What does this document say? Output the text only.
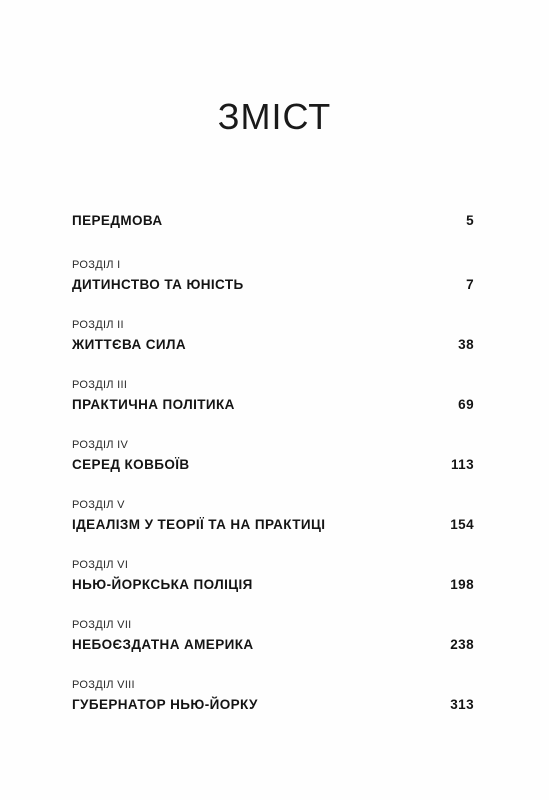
ЗМІСТ
ПЕРЕДМОВА	5
РОЗДІЛ I
ДИТИНСТВО ТА ЮНІСТЬ	7
РОЗДІЛ II
ЖИТТЄВА СИЛА	38
РОЗДІЛ III
ПРАКТИЧНА ПОЛІТИКА	69
РОЗДІЛ IV
СЕРЕД КОВБОЇВ	113
РОЗДІЛ V
ІДЕАЛІЗМ У ТЕОРІЇ ТА НА ПРАКТИЦІ	154
РОЗДІЛ VI
НЬЮ-ЙОРКСЬКА ПОЛІЦІЯ	198
РОЗДІЛ VII
НЕБОЄЗДАТНА АМЕРИКА	238
РОЗДІЛ VIII
ГУБЕРНАТОР НЬЮ-ЙОРКУ	313
